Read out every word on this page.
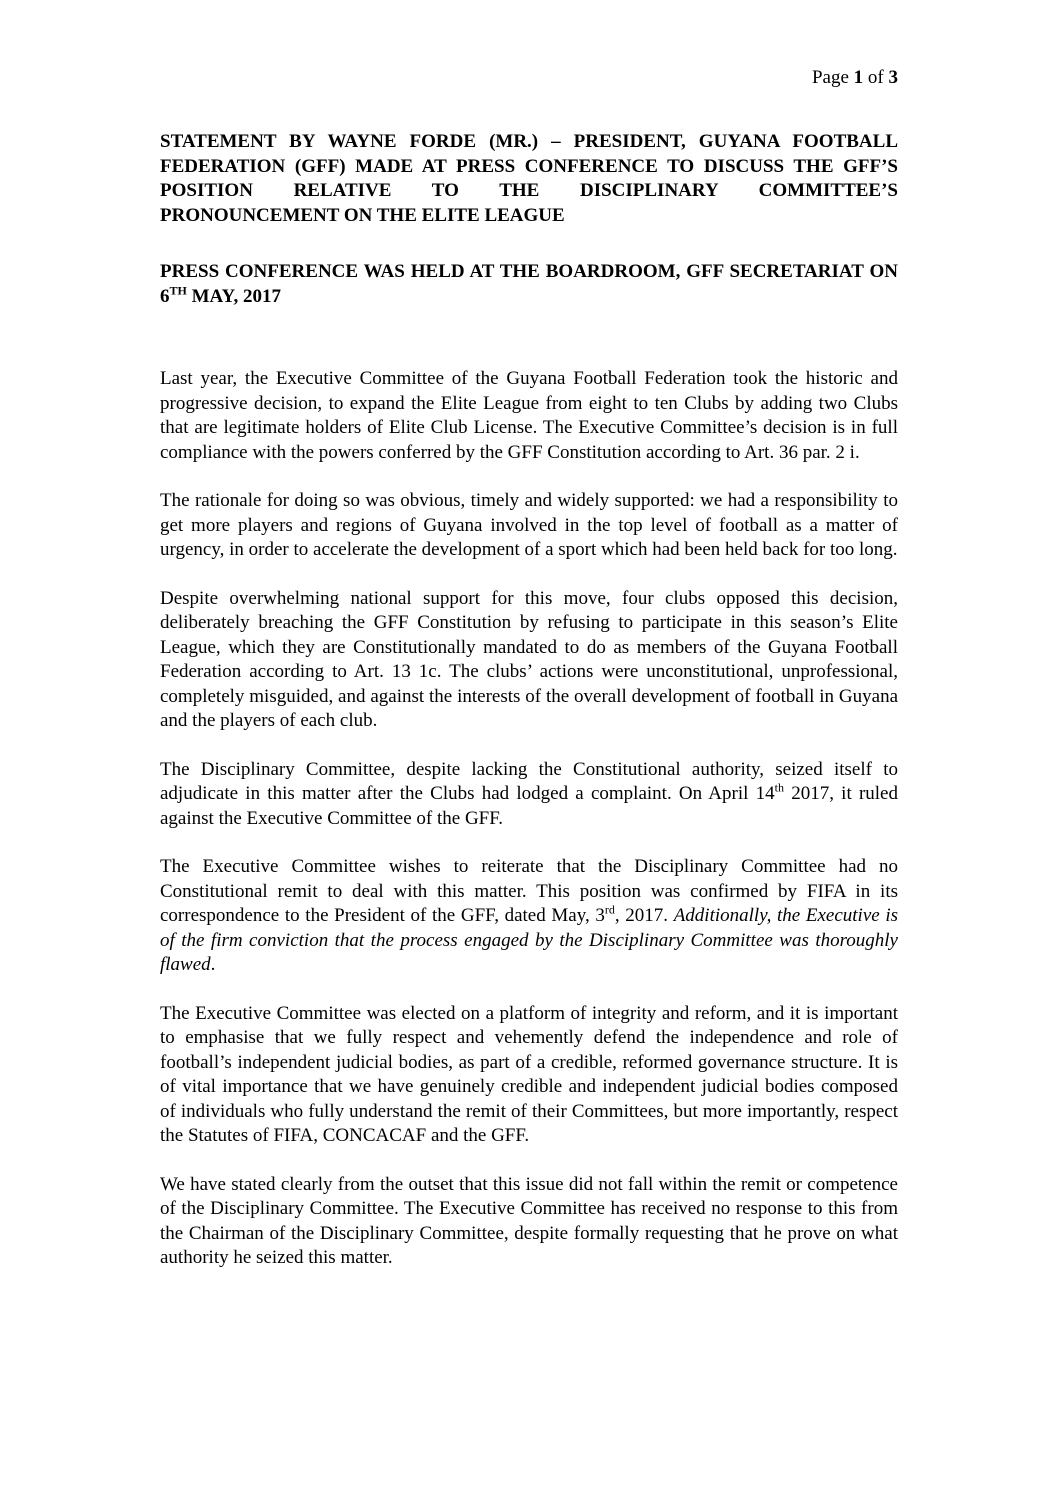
Page 1 of 3

STATEMENT BY WAYNE FORDE (MR.) – PRESIDENT, GUYANA FOOTBALL FEDERATION (GFF) MADE AT PRESS CONFERENCE TO DISCUSS THE GFF’S POSITION RELATIVE TO THE DISCIPLINARY COMMITTEE’S PRONOUNCEMENT ON THE ELITE LEAGUE

PRESS CONFERENCE WAS HELD AT THE BOARDROOM, GFF SECRETARIAT ON 6TH MAY, 2017

Last year, the Executive Committee of the Guyana Football Federation took the historic and progressive decision, to expand the Elite League from eight to ten Clubs by adding two Clubs that are legitimate holders of Elite Club License. The Executive Committee’s decision is in full compliance with the powers conferred by the GFF Constitution according to Art. 36 par. 2 i.

The rationale for doing so was obvious, timely and widely supported: we had a responsibility to get more players and regions of Guyana involved in the top level of football as a matter of urgency, in order to accelerate the development of a sport which had been held back for too long.

Despite overwhelming national support for this move, four clubs opposed this decision, deliberately breaching the GFF Constitution by refusing to participate in this season’s Elite League, which they are Constitutionally mandated to do as members of the Guyana Football Federation according to Art. 13 1c. The clubs’ actions were unconstitutional, unprofessional, completely misguided, and against the interests of the overall development of football in Guyana and the players of each club.

The Disciplinary Committee, despite lacking the Constitutional authority, seized itself to adjudicate in this matter after the Clubs had lodged a complaint. On April 14th 2017, it ruled against the Executive Committee of the GFF.

The Executive Committee wishes to reiterate that the Disciplinary Committee had no Constitutional remit to deal with this matter. This position was confirmed by FIFA in its correspondence to the President of the GFF, dated May, 3rd, 2017. Additionally, the Executive is of the firm conviction that the process engaged by the Disciplinary Committee was thoroughly flawed.

The Executive Committee was elected on a platform of integrity and reform, and it is important to emphasise that we fully respect and vehemently defend the independence and role of football’s independent judicial bodies, as part of a credible, reformed governance structure. It is of vital importance that we have genuinely credible and independent judicial bodies composed of individuals who fully understand the remit of their Committees, but more importantly, respect the Statutes of FIFA, CONCACAF and the GFF.

We have stated clearly from the outset that this issue did not fall within the remit or competence of the Disciplinary Committee. The Executive Committee has received no response to this from the Chairman of the Disciplinary Committee, despite formally requesting that he prove on what authority he seized this matter.
